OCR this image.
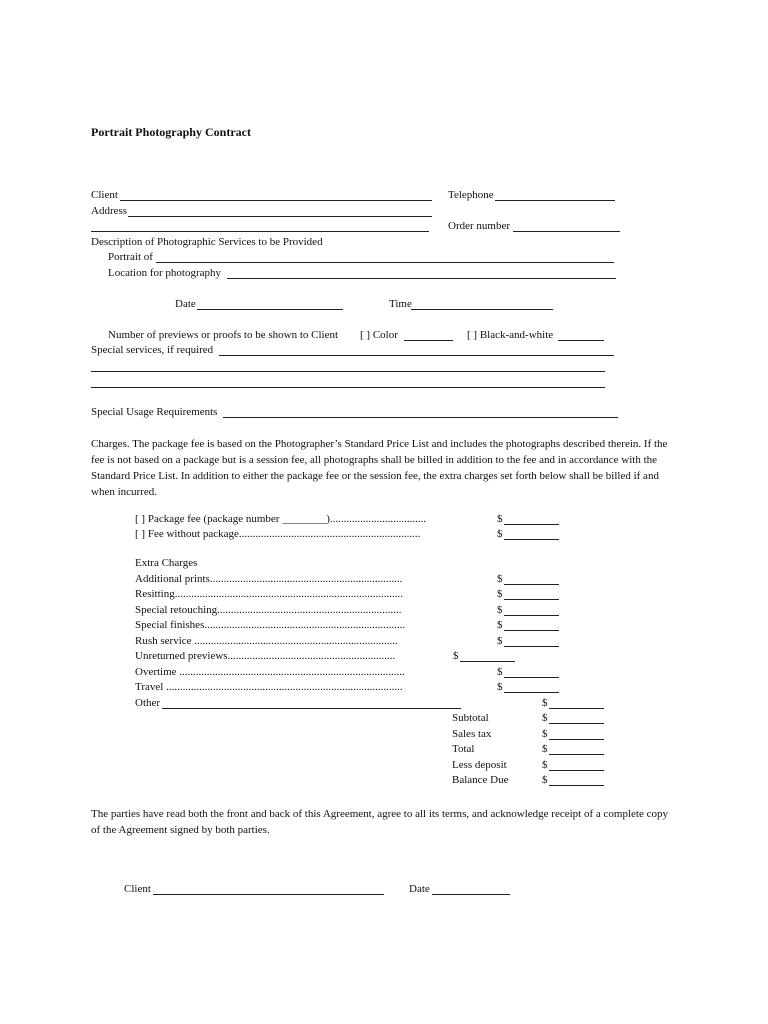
Portrait Photography Contract
Client	Telephone
Address
Order number
Description of Photographic Services to be Provided
Portrait of
Location for photography
Date	Time
Number of previews or proofs to be shown to Client [ ] Color	[ ] Black-and-white
Special services, if required
Special Usage Requirements
Charges. The package fee is based on the Photographer’s Standard Price List and includes the photographs described therein. If the fee is not based on a package but is a session fee, all photographs shall be billed in addition to the fee and in accordance with the Standard Price List. In addition to either the package fee or the session fee, the extra charges set forth below shall be billed if and when incurred.
[ ] Package fee (package number ________)...................................	$
[ ] Fee without package..................................................................	$
Extra Charges
Additional prints......................................................................	$
Resitting...................................................................................	$
Special retouching...................................................................	$
Special finishes.........................................................................	$
Rush service ..........................................................................	$
Unreturned previews.............................................................	$
Overtime ..................................................................................	$
Travel ......................................................................................	$
Other	$
Subtotal	$
Sales tax	$
Total	$
Less deposit	$
Balance Due	$
The parties have read both the front and back of this Agreement, agree to all its terms, and acknowledge receipt of a complete copy of the Agreement signed by both parties.
Client	Date
